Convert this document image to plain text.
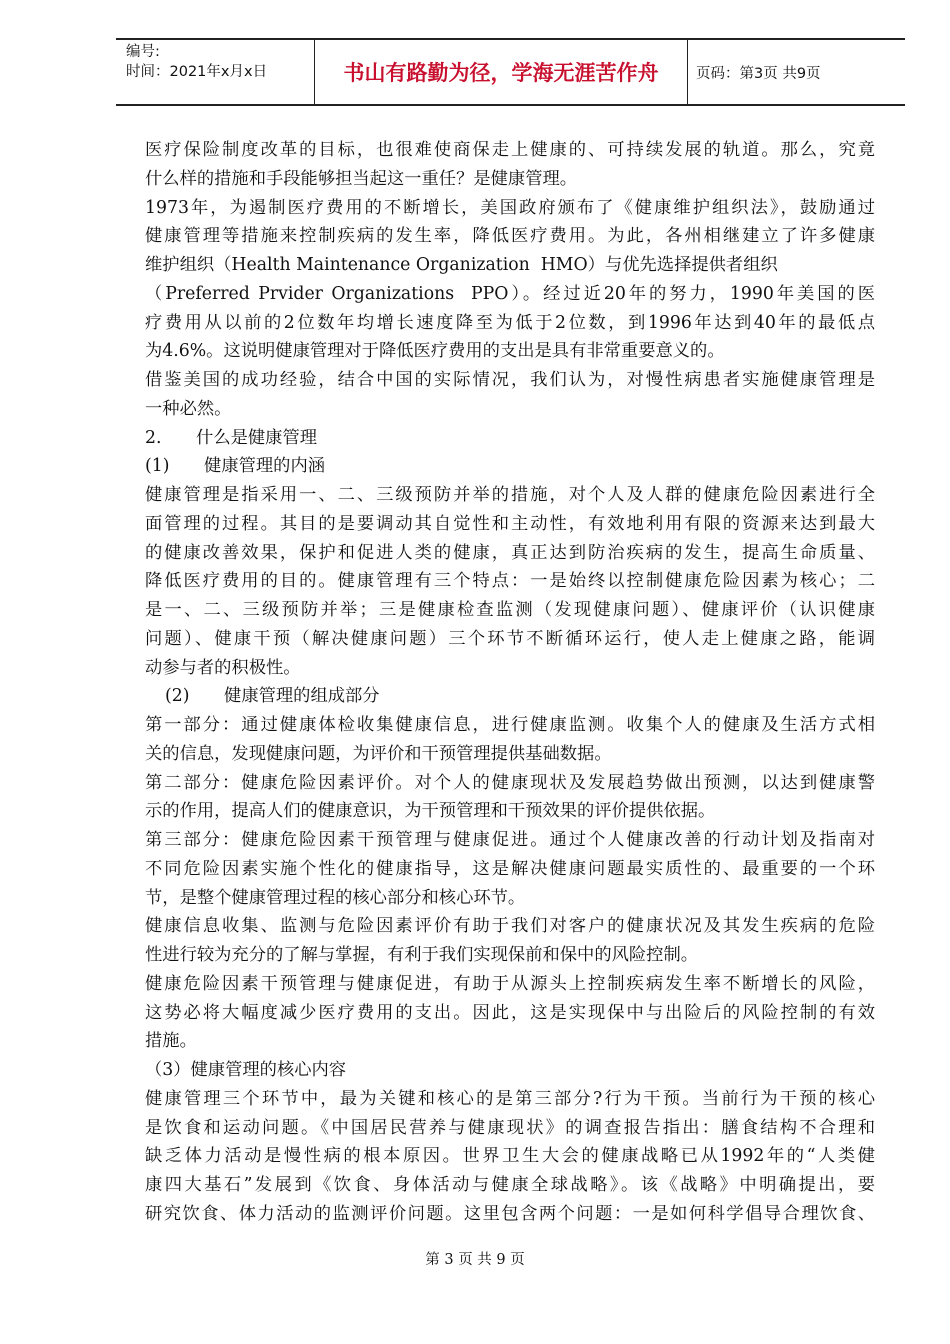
编号:
时间：2021年x月x日	书山有路勤为径，学海无涯苦作舟	页码：第3页 共9页

医疗保险制度改革的目标，也很难使商保走上健康的、可持续发展的轨道。那么，究竟

什么样的措施和手段能够担当起这一重任？是健康管理。

1973年，为遏制医疗费用的不断增长，美国政府颁布了《健康维护组织法》，鼓励通过

健康管理等措施来控制疾病的发生率，降低医疗费用。为此，各州相继建立了许多健康

维护组织（Health Maintenance Organization  HMO）与优先选择提供者组织

（Preferred Prvider Organizations  PPO）。经过近20年的努力，1990年美国的医

疗费用从以前的2位数年均增长速度降至为低于2位数，到1996年达到40年的最低点

为4.6%。这说明健康管理对于降低医疗费用的支出是具有非常重要意义的。

借鉴美国的成功经验，结合中国的实际情况，我们认为，对慢性病患者实施健康管理是

一种必然。

2.　　什么是健康管理

(1)　　健康管理的内涵

健康管理是指采用一、二、三级预防并举的措施，对个人及人群的健康危险因素进行全

面管理的过程。其目的是要调动其自觉性和主动性，有效地利用有限的资源来达到最大

的健康改善效果，保护和促进人类的健康，真正达到防治疾病的发生，提高生命质量、

降低医疗费用的目的。健康管理有三个特点：一是始终以控制健康危险因素为核心；二

是一、二、三级预防并举；三是健康检查监测（发现健康问题）、健康评价（认识健康

问题）、健康干预（解决健康问题）三个环节不断循环运行，使人走上健康之路，能调

动参与者的积极性。

(2)　　健康管理的组成部分

第一部分：通过健康体检收集健康信息，进行健康监测。收集个人的健康及生活方式相

关的信息，发现健康问题，为评价和干预管理提供基础数据。

第二部分：健康危险因素评价。对个人的健康现状及发展趋势做出预测，以达到健康警

示的作用，提高人们的健康意识，为干预管理和干预效果的评价提供依据。

第三部分：健康危险因素干预管理与健康促进。通过个人健康改善的行动计划及指南对

不同危险因素实施个性化的健康指导，这是解决健康问题最实质性的、最重要的一个环

节，是整个健康管理过程的核心部分和核心环节。

健康信息收集、监测与危险因素评价有助于我们对客户的健康状况及其发生疾病的危险

性进行较为充分的了解与掌握，有利于我们实现保前和保中的风险控制。

健康危险因素干预管理与健康促进，有助于从源头上控制疾病发生率不断增长的风险，

这势必将大幅度减少医疗费用的支出。因此，这是实现保中与出险后的风险控制的有效

措施。

（3）健康管理的核心内容

健康管理三个环节中，最为关键和核心的是第三部分?行为干预。当前行为干预的核心

是饮食和运动问题。《中国居民营养与健康现状》的调查报告指出：膳食结构不合理和

缺乏体力活动是慢性病的根本原因。世界卫生大会的健康战略已从1992年的“人类健

康四大基石”发展到《饮食、身体活动与健康全球战略》。该《战略》中明确提出，要

研究饮食、体力活动的监测评价问题。这里包含两个问题：一是如何科学倡导合理饮食、

第 3 页 共 9 页
